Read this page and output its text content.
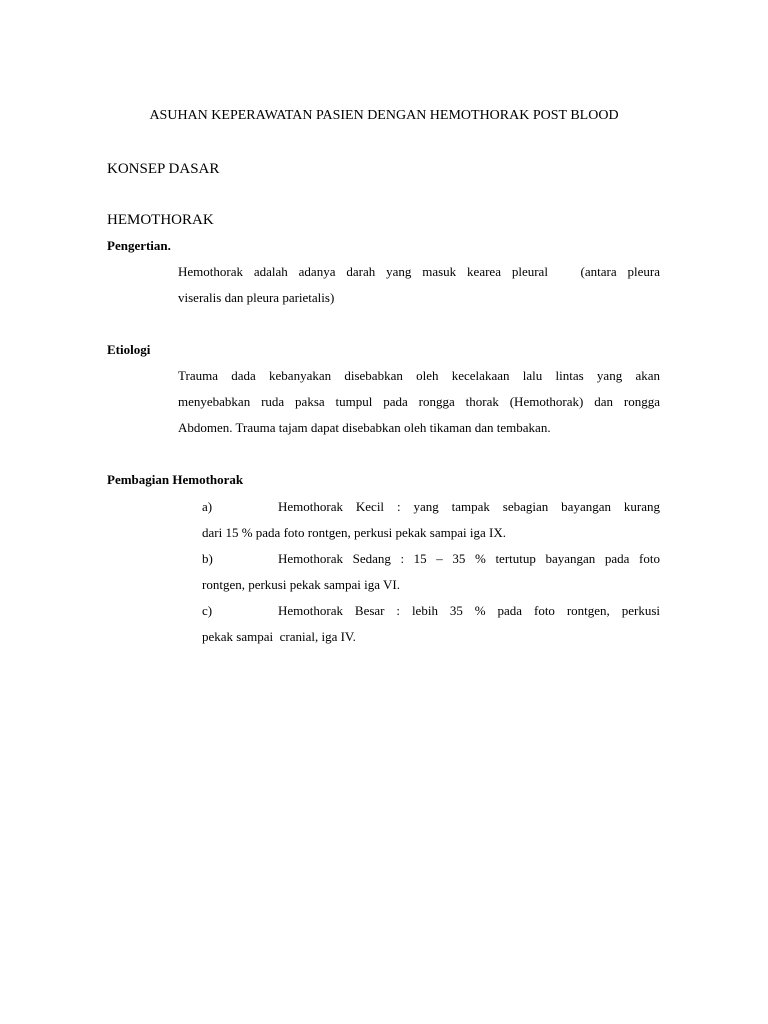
ASUHAN KEPERAWATAN PASIEN DENGAN HEMOTHORAK POST BLOOD
KONSEP DASAR
HEMOTHORAK
Pengertian.
Hemothorak adalah adanya darah yang masuk kearea pleural   (antara pleura
viseralis dan pleura parietalis)
Etiologi
Trauma dada kebanyakan disebabkan oleh kecelakaan lalu lintas yang akan
menyebabkan ruda paksa tumpul pada rongga thorak (Hemothorak) dan rongga
Abdomen. Trauma tajam dapat disebabkan oleh tikaman dan tembakan.
Pembagian Hemothorak
a)	Hemothorak Kecil : yang tampak sebagian bayangan kurang
dari 15 % pada foto rontgen, perkusi pekak sampai iga IX.
b)	Hemothorak Sedang : 15 – 35 % tertutup bayangan pada foto
rontgen, perkusi pekak sampai iga VI.
c)	Hemothorak Besar : lebih 35 % pada foto rontgen, perkusi
pekak sampai  cranial, iga IV.
